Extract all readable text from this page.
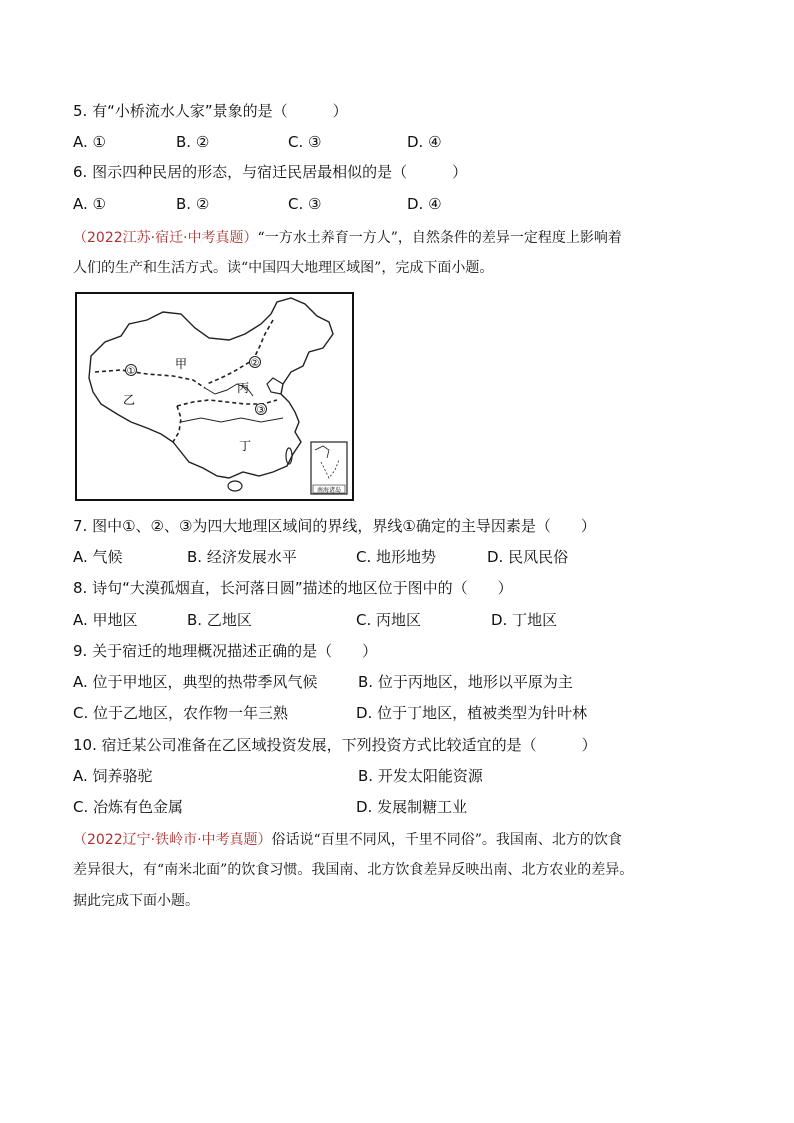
5. 有“小桥流水人家”景象的是（　　　）
A. ①	B. ②	C. ③	D. ④
6. 图示四种民居的形态，与宿迁民居最相似的是（　　　）
A. ①	B. ②	C. ③	D. ④
（2022江苏·宿迁·中考真题）“一方水土养育一方人”，自然条件的差异一定程度上影响着
人们的生产和生活方式。读“中国四大地理区域图”，完成下面小题。
①
②
③
甲
乙
丙
丁
南海诸岛
7. 图中①、②、③为四大地理区域间的界线，界线①确定的主导因素是（　　）
A. 气候	B. 经济发展水平	C. 地形地势	D. 民风民俗
8. 诗句“大漠孤烟直，长河落日圆”描述的地区位于图中的（　　）
A. 甲地区	B. 乙地区	C. 丙地区	D. 丁地区
9. 关于宿迁的地理概况描述正确的是（　　）
A. 位于甲地区，典型的热带季风气候	B. 位于丙地区，地形以平原为主
C. 位于乙地区，农作物一年三熟	D. 位于丁地区，植被类型为针叶林
10. 宿迁某公司准备在乙区域投资发展，下列投资方式比较适宜的是（　　　）
A. 饲养骆驼	B. 开发太阳能资源
C. 冶炼有色金属	D. 发展制糖工业
（2022辽宁·铁岭市·中考真题）俗话说“百里不同风，千里不同俗”。我国南、北方的饮食
差异很大，有“南米北面”的饮食习惯。我国南、北方饮食差异反映出南、北方农业的差异。
据此完成下面小题。
